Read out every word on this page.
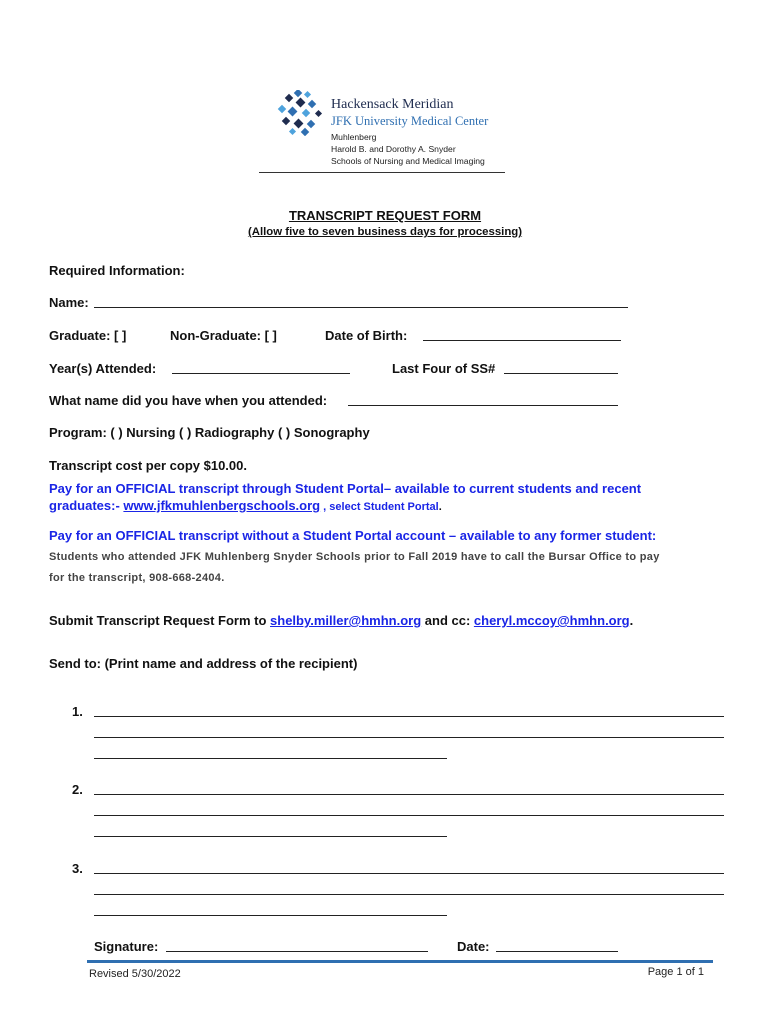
Hackensack Meridian
JFK University Medical Center
Muhlenberg
Harold B. and Dorothy A. Snyder
Schools of Nursing and Medical Imaging
TRANSCRIPT REQUEST FORM
(Allow five to seven business days for processing)
Required Information:
Name:
Graduate: [ ]	Non-Graduate: [ ]	Date of Birth:
Year(s) Attended:	Last Four of SS#
What name did you have when you attended:
Program: ( ) Nursing ( ) Radiography ( ) Sonography
Transcript cost per copy $10.00.
Pay for an OFFICIAL transcript through Student Portal– available to current students and recent
graduates:- www.jfkmuhlenbergschools.org , select Student Portal.
Pay for an OFFICIAL transcript without a Student Portal account – available to any former student:
Students who attended JFK Muhlenberg Snyder Schools prior to Fall 2019 have to call the Bursar Office to pay
for the transcript, 908-668-2404.
Submit Transcript Request Form to shelby.miller@hmhn.org and cc: cheryl.mccoy@hmhn.org.
Send to: (Print name and address of the recipient)
1.
2.
3.
Signature:	Date:
Revised 5/30/2022	Page 1 of 1
